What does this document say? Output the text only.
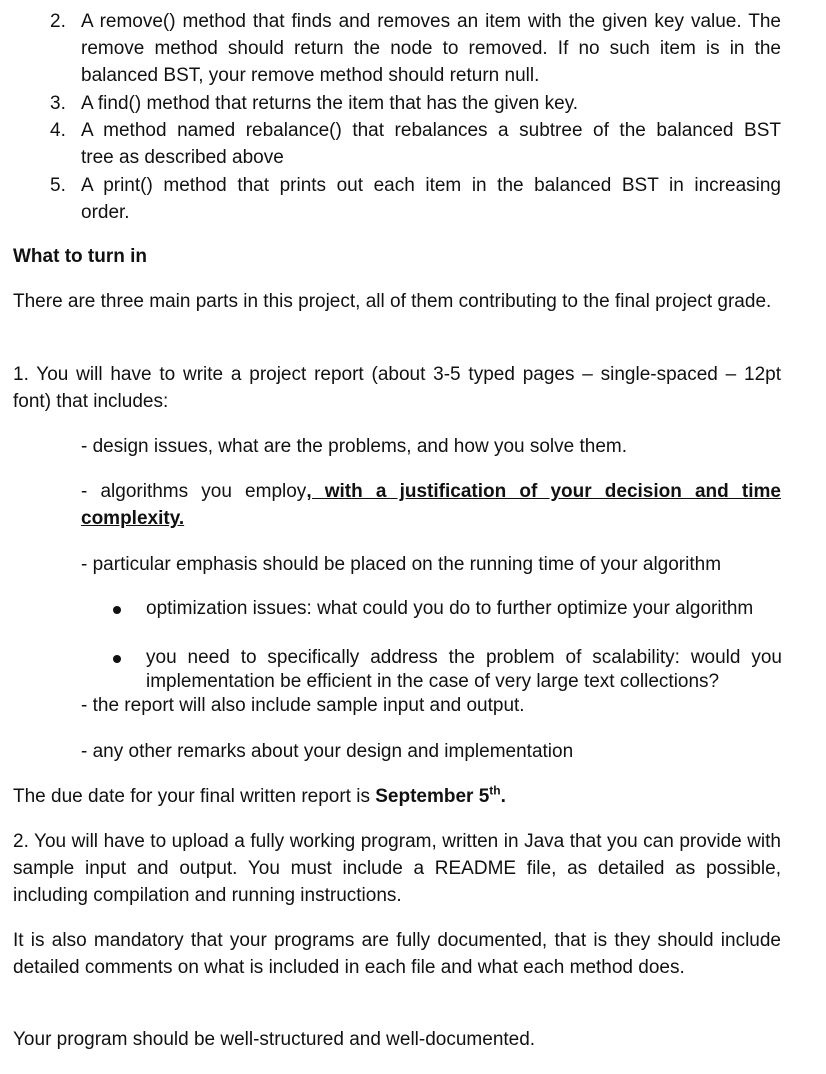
2. A remove() method that finds and removes an item with the given key value. The remove method should return the node to removed. If no such item is in the balanced BST, your remove method should return null.
3. A find() method that returns the item that has the given key.
4. A method named rebalance() that rebalances a subtree of the balanced BST
tree as described above
5. A print() method that prints out each item in the balanced BST in increasing
order.
What to turn in
There are three main parts in this project, all of them contributing to the final project grade.
1. You will have to write a project report (about 3-5 typed pages – single-spaced – 12pt font) that includes:
- design issues, what are the problems, and how you solve them.
- algorithms you employ, with a justification of your decision and time complexity.
- particular emphasis should be placed on the running time of your algorithm
optimization issues: what could you do to further optimize your algorithm
you need to specifically address the problem of scalability: would you implementation be efficient in the case of very large text collections?
- the report will also include sample input and output.
- any other remarks about your design and implementation
The due date for your final written report is September 5th.
2. You will have to upload a fully working program, written in Java that you can provide with sample input and output. You must include a README file, as detailed as possible, including compilation and running instructions.
It is also mandatory that your programs are fully documented, that is they should include detailed comments on what is included in each file and what each method does.
Your program should be well-structured and well-documented.
